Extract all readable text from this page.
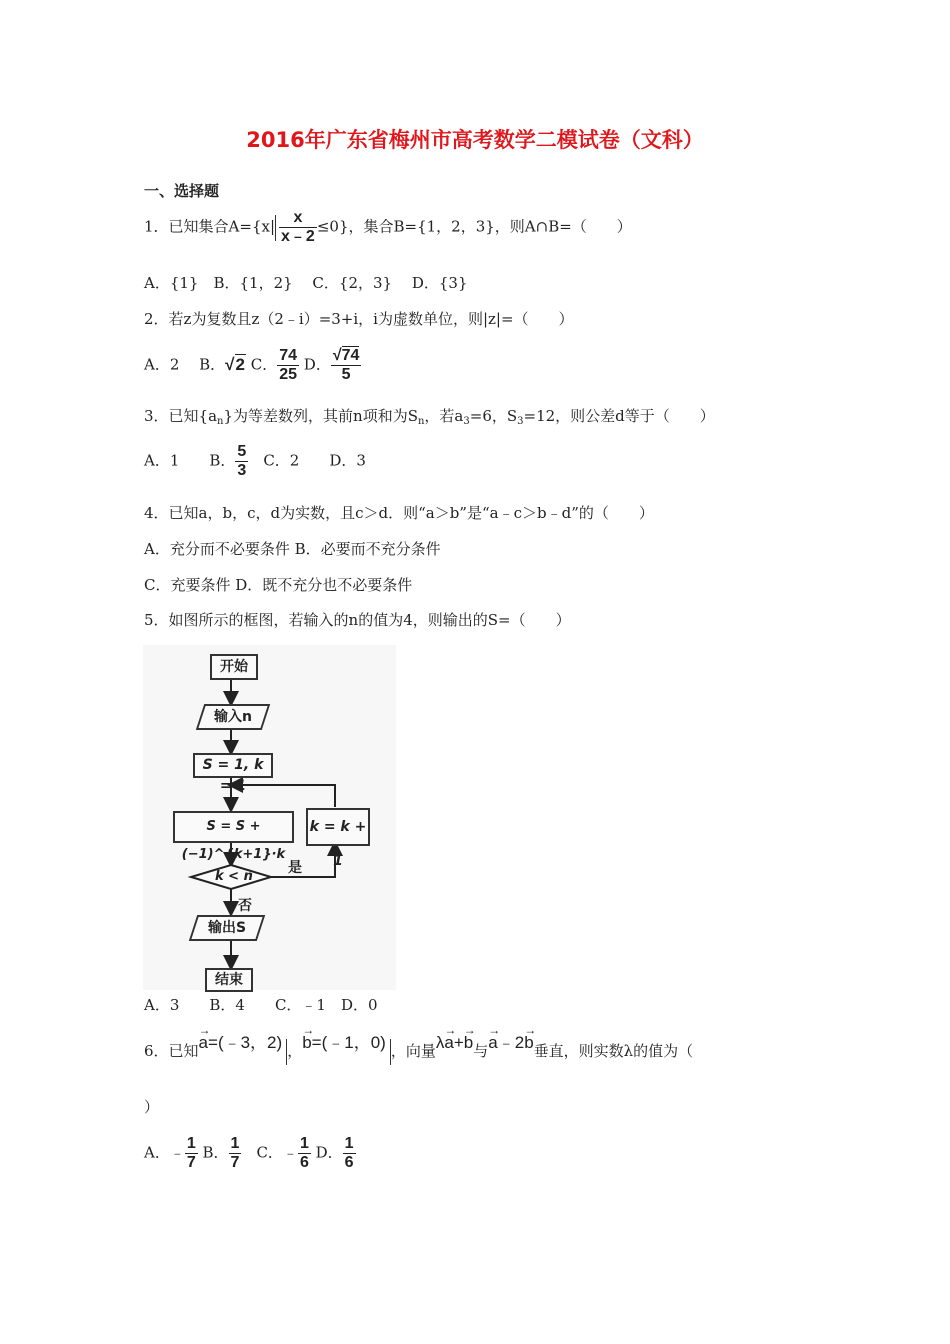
2016年广东省梅州市高考数学二模试卷（文科）
一、选择题
1．已知集合$A=\{x| \frac{x}{x﹣2} \le 0\}$，集合B={1，2，3}，则A∩B=（　　）
A．{1}　B．{1，2}　 C．{2，3}　 D．{3}
2．若z为复数且z（2﹣i）=3+i，i为虚数单位，则|z|=（　　）
A．2　 B．√2 C． $\frac{74}{25}$ D． $\frac{√74}{5}$
3．已知$\{a_n\}$为等差数列，其前n项和为$S_n$，若$a_3=6$，$S_3=12$，则公差d等于（　　）
A．1　　B． $\frac{5}{3}$ 　C．2　　D．3
4．已知a，b，c，d为实数，且c＞d．则“a＞b”是“a﹣c＞b﹣d”的（　　）
A．充分而不必要条件 B．必要而不充分条件
C．充要条件 D．既不充分也不必要条件
5．如图所示的框图，若输入的n的值为4，则输出的S=（　　）
开始
输入n
S = 1, k = 1
S = S + (−1)^{k+1}·k
k = k + 1
k < n
是
否
输出S
结束
A．3　　B．4　　C．﹣1　D．0
6．已知→ a=(﹣3，2) ，→ b=(﹣1，0) ，向量λ→ a+→ b与→ a﹣2→ b垂直，则实数λ的值为（
）
A．﹣ $\frac{1}{7}$ B． $\frac{1}{7}$ 　C．﹣ $\frac{1}{6}$ D． $\frac{1}{6}$
